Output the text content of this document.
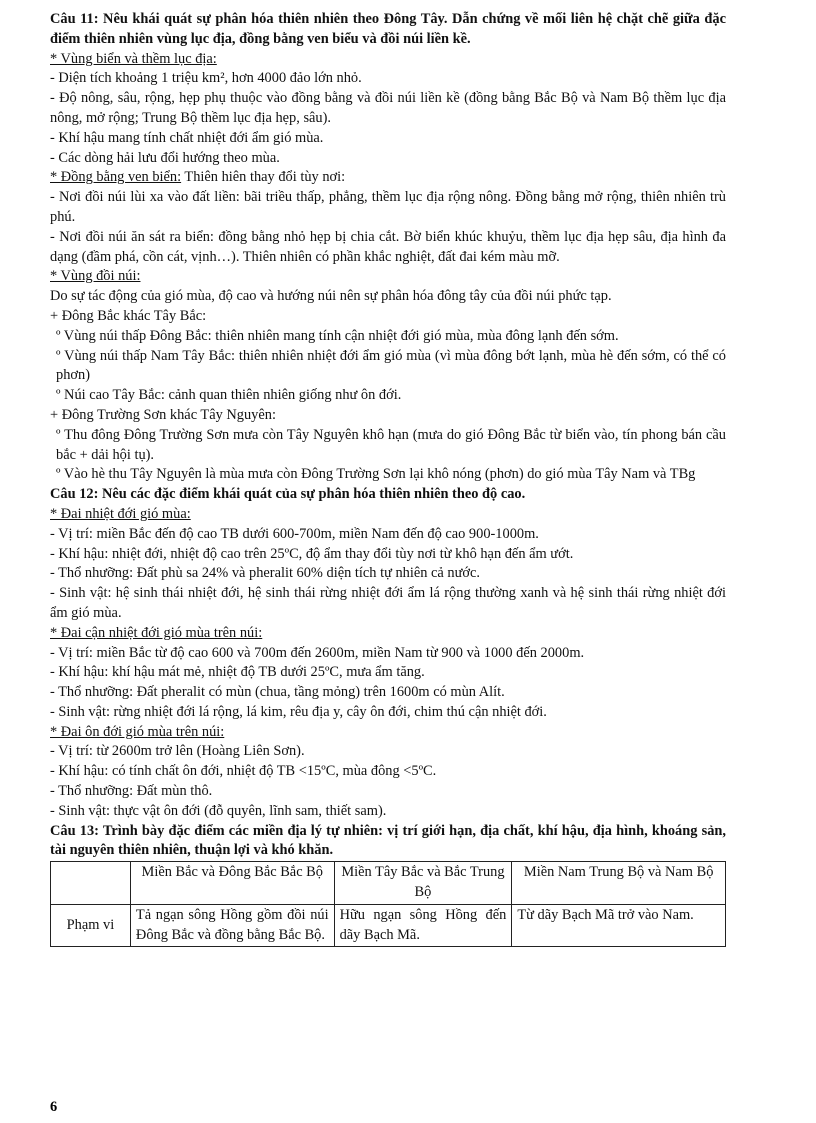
Câu 11: Nêu khái quát sự phân hóa thiên nhiên theo Đông Tây. Dẫn chứng về mối liên hệ chặt chẽ giữa đặc điểm thiên nhiên vùng lục địa, đồng bằng ven biểu và đồi núi liền kề.

* Vùng biển và thềm lục địa:

- Diện tích khoảng 1 triệu km², hơn 4000 đảo lớn nhỏ.

- Độ nông, sâu, rộng, hẹp phụ thuộc vào đồng bằng và đồi núi liền kề (đồng bằng Bắc Bộ và Nam Bộ thềm lục địa nông, mở rộng; Trung Bộ thềm lục địa hẹp, sâu).

- Khí hậu mang tính chất nhiệt đới ẩm gió mùa.

- Các dòng hải lưu đổi hướng theo mùa.

* Đồng bằng ven biển: Thiên hiên thay đổi tùy nơi:

- Nơi đồi núi lùi xa vào đất liền: bãi triều thấp, phẳng, thềm lục địa rộng nông. Đồng bằng mở rộng, thiên nhiên trù phú.

- Nơi đồi núi ăn sát ra biển: đồng bằng nhỏ hẹp bị chia cắt. Bờ biển khúc khuỷu, thềm lục địa hẹp sâu, địa hình đa dạng (đầm phá, cồn cát, vịnh…). Thiên nhiên có phần khắc nghiệt, đất đai kém màu mỡ.

* Vùng đồi núi:

Do sự tác động của gió mùa, độ cao và hướng núi nên sự phân hóa đông tây của đồi núi phức tạp.

+ Đông Bắc khác Tây Bắc:

º Vùng núi thấp Đông Bắc: thiên nhiên mang tính cận nhiệt đới gió mùa, mùa đông lạnh đến sớm.

º Vùng núi thấp Nam Tây Bắc: thiên nhiên nhiệt đới ẩm gió mùa (vì mùa đông bớt lạnh, mùa hè đến sớm, có thể có phơn)

º Núi cao Tây Bắc: cảnh quan thiên nhiên giống như ôn đới.

+ Đông Trường Sơn khác Tây Nguyên:

º Thu đông Đông Trường Sơn mưa còn Tây Nguyên khô hạn (mưa do gió Đông Bắc từ biển vào, tín phong bán cầu bắc + dải hội tụ).

º Vào hè thu Tây Nguyên là mùa mưa còn Đông Trường Sơn lại khô nóng (phơn) do gió mùa Tây Nam và TBg

Câu 12: Nêu các đặc điểm khái quát của sự phân hóa thiên nhiên theo độ cao.

* Đai nhiệt đới gió mùa:

- Vị trí: miền Bắc đến độ cao TB dưới 600-700m, miền Nam đến độ cao 900-1000m.

- Khí hậu: nhiệt đới, nhiệt độ cao trên 25ºC, độ ẩm thay đổi tùy nơi từ khô hạn đến ẩm ướt.

- Thổ nhưỡng: Đất phù sa 24% và pheralit 60% diện tích tự nhiên cả nước.

- Sinh vật: hệ sinh thái nhiệt đới, hệ sinh thái rừng nhiệt đới ẩm lá rộng thường xanh và hệ sinh thái rừng nhiệt đới ẩm gió mùa.

* Đai cận nhiệt đới gió mùa trên núi:

- Vị trí: miền Bắc từ độ cao 600 và 700m đến 2600m, miền Nam từ 900 và 1000 đến 2000m.

- Khí hậu: khí hậu mát mẻ, nhiệt độ TB dưới 25ºC, mưa ẩm tăng.

- Thổ nhưỡng: Đất pheralit có mùn (chua, tầng mỏng) trên 1600m có mùn Alít.

- Sinh vật: rừng nhiệt đới lá rộng, lá kim, rêu địa y, cây ôn đới, chim thú cận nhiệt đới.

* Đai ôn đới gió mùa trên núi:

- Vị trí: từ 2600m trở lên (Hoàng Liên Sơn).

- Khí hậu: có tính chất ôn đới, nhiệt độ TB <15ºC, mùa đông <5ºC.

- Thổ nhưỡng: Đất mùn thô.

- Sinh vật: thực vật ôn đới (đỗ quyên, lĩnh sam, thiết sam).

Câu 13: Trình bày đặc điểm các miền địa lý tự nhiên: vị trí giới hạn, địa chất, khí hậu, địa hình, khoáng sản, tài nguyên thiên nhiên, thuận lợi và khó khăn.

	Miền Bắc và Đông Bắc Bắc Bộ	Miền Tây Bắc và Bắc Trung Bộ	Miền Nam Trung Bộ và Nam Bộ
Phạm vi	Tả ngạn sông Hồng gồm đồi núi Đông Bắc và đồng bằng Bắc Bộ.	Hữu ngạn sông Hồng đến dãy Bạch Mã.	Từ dãy Bạch Mã trở vào Nam.
6
